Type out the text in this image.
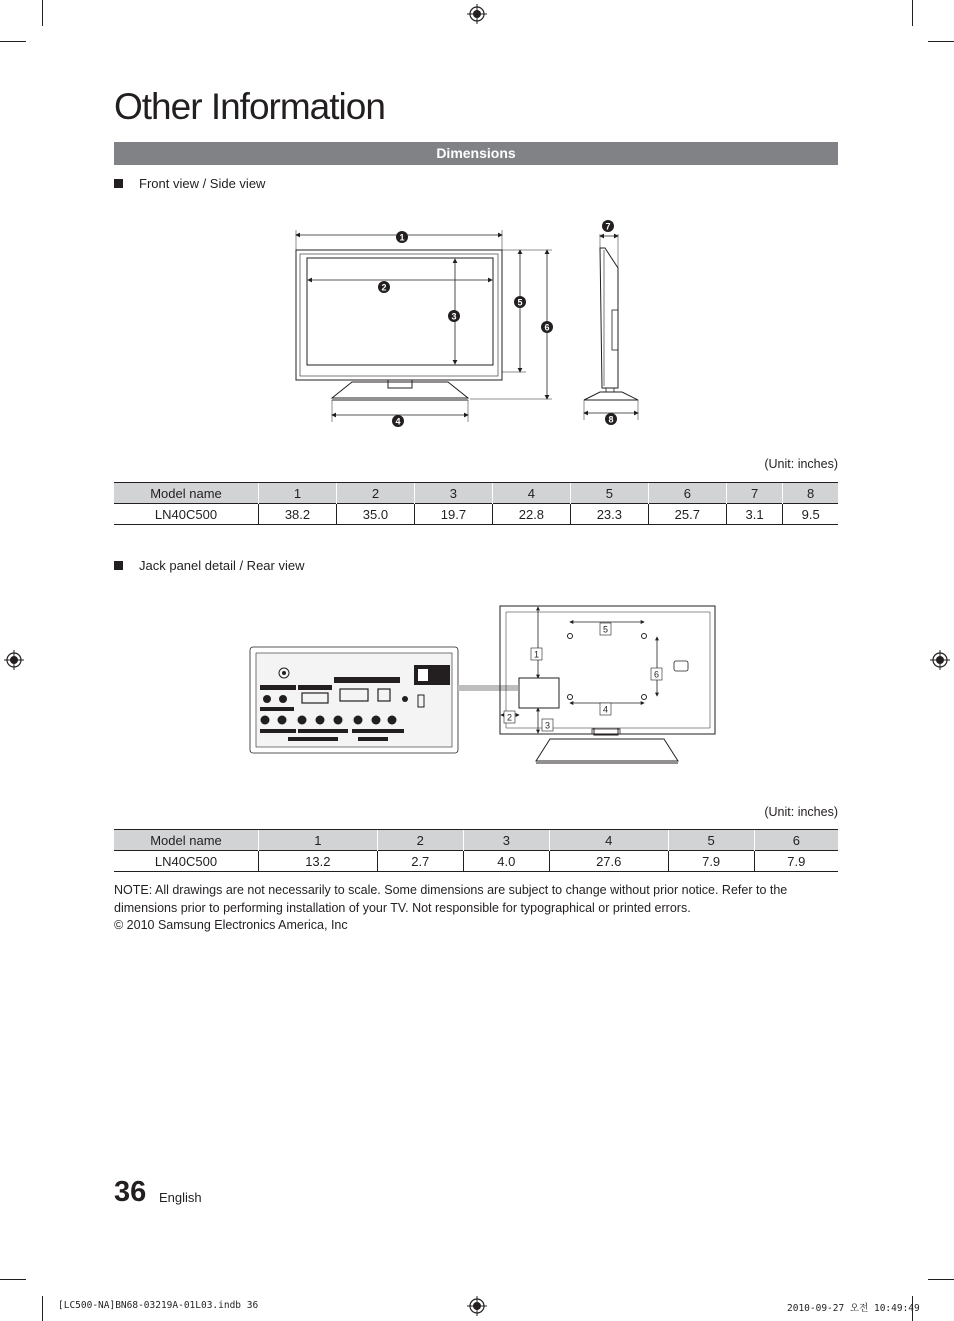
Other Information
Dimensions
Front view / Side view
1
2
3
4
5
6
7
8
(Unit: inches)
Model name	1	2	3	4	5	6	7	8
LN40C500	38.2	35.0	19.7	22.8	23.3	25.7	3.1	9.5
Jack panel detail / Rear view
1
2
3
4
5
6
(Unit: inches)
Model name	1	2	3	4	5	6
LN40C500	13.2	2.7	4.0	27.6	7.9	7.9
NOTE: All drawings are not necessarily to scale. Some dimensions are subject to change without prior notice. Refer to the dimensions prior to performing installation of your TV. Not responsible for typographical or printed errors.
© 2010 Samsung Electronics America, Inc
36 English
[LC500-NA]BN68-03219A-01L03.indb 36	2010-09-27 오전 10:49:49
